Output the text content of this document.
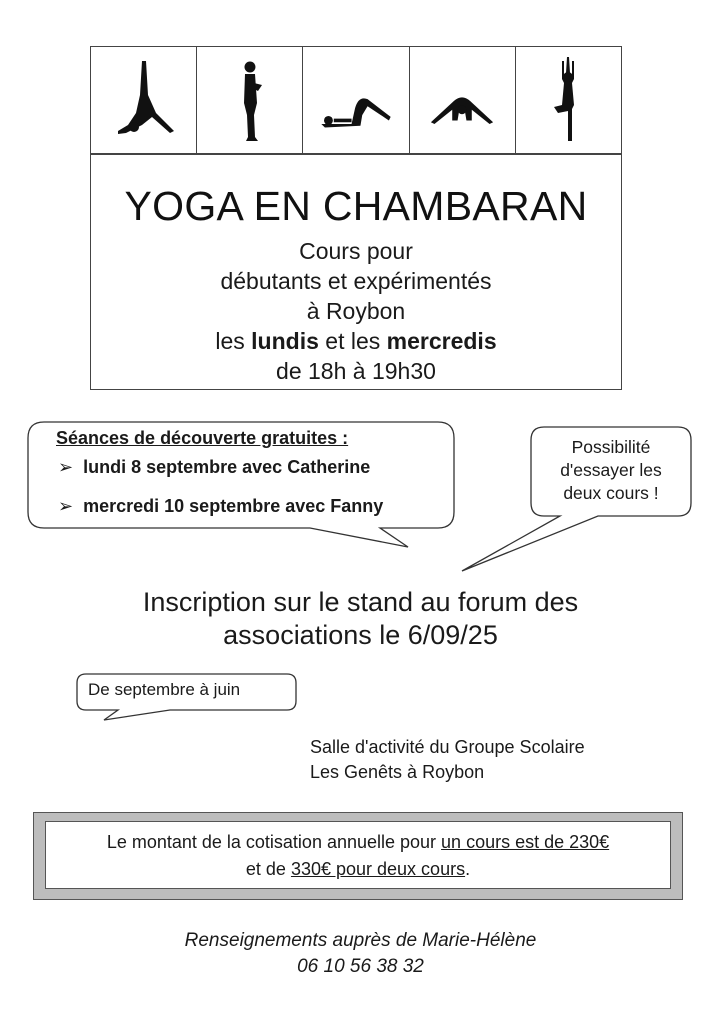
YOGA EN CHAMBARAN
Cours pour
débutants et expérimentés
à Roybon
les lundis et les mercredis
de 18h à 19h30
Séances de découverte gratuites :
➢ lundi 8 septembre avec Catherine
➢ mercredi 10 septembre avec Fanny
Possibilité
d'essayer les
deux cours !
Inscription sur le stand au forum des
associations le 6/09/25
De septembre à juin
Salle d'activité du Groupe Scolaire
Les Genêts à Roybon
Le montant de la cotisation annuelle pour un cours est de 230€
et de 330€ pour deux cours.
Renseignements auprès de Marie-Hélène
06 10 56 38 32
